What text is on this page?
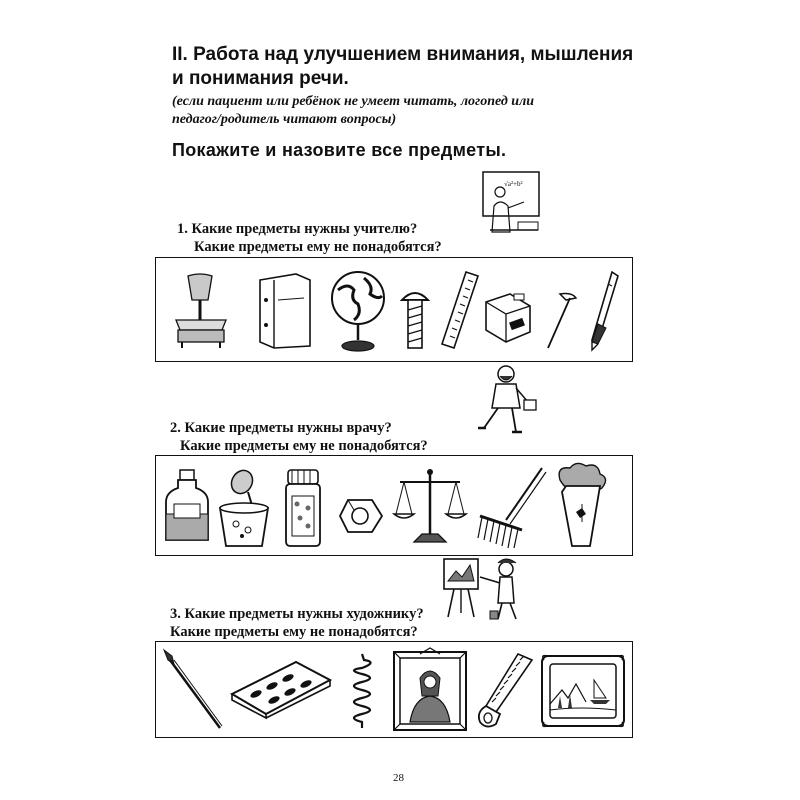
II. Работа над улучшением внимания, мышления
и понимания речи.
(если пациент или ребёнок не умеет читать, логопед или
педагог/родитель читают вопросы)
Покажите и назовите все предметы.
√a²+b²
1. Какие предметы нужны учителю?
Какие предметы ему не понадобятся?
2. Какие предметы нужны врачу?
Какие предметы ему не понадобятся?
3. Какие предметы нужны художнику?
Какие предметы ему не понадобятся?
28
